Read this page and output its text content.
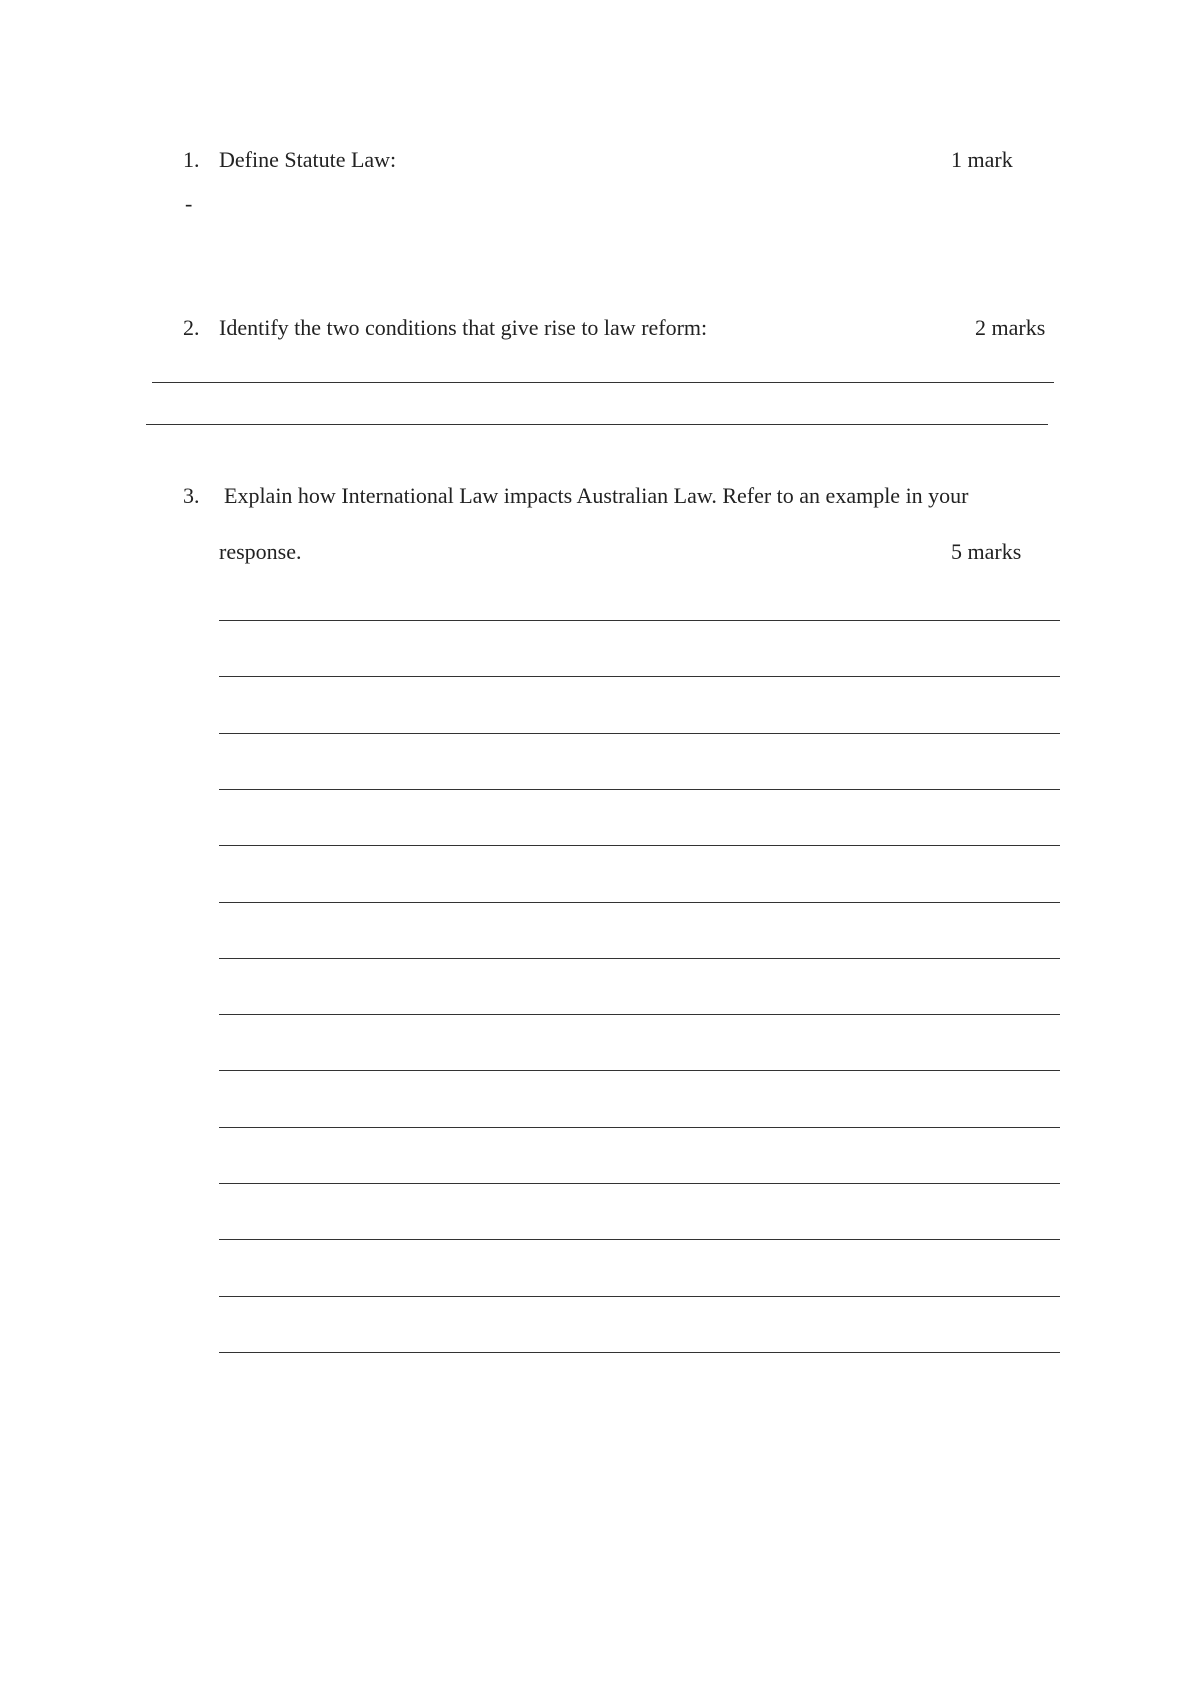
1. Define Statute Law:	1 mark
-
2. Identify the two conditions that give rise to law reform:	2 marks
3. Explain how International Law impacts Australian Law. Refer to an example in your
response.	5 marks
